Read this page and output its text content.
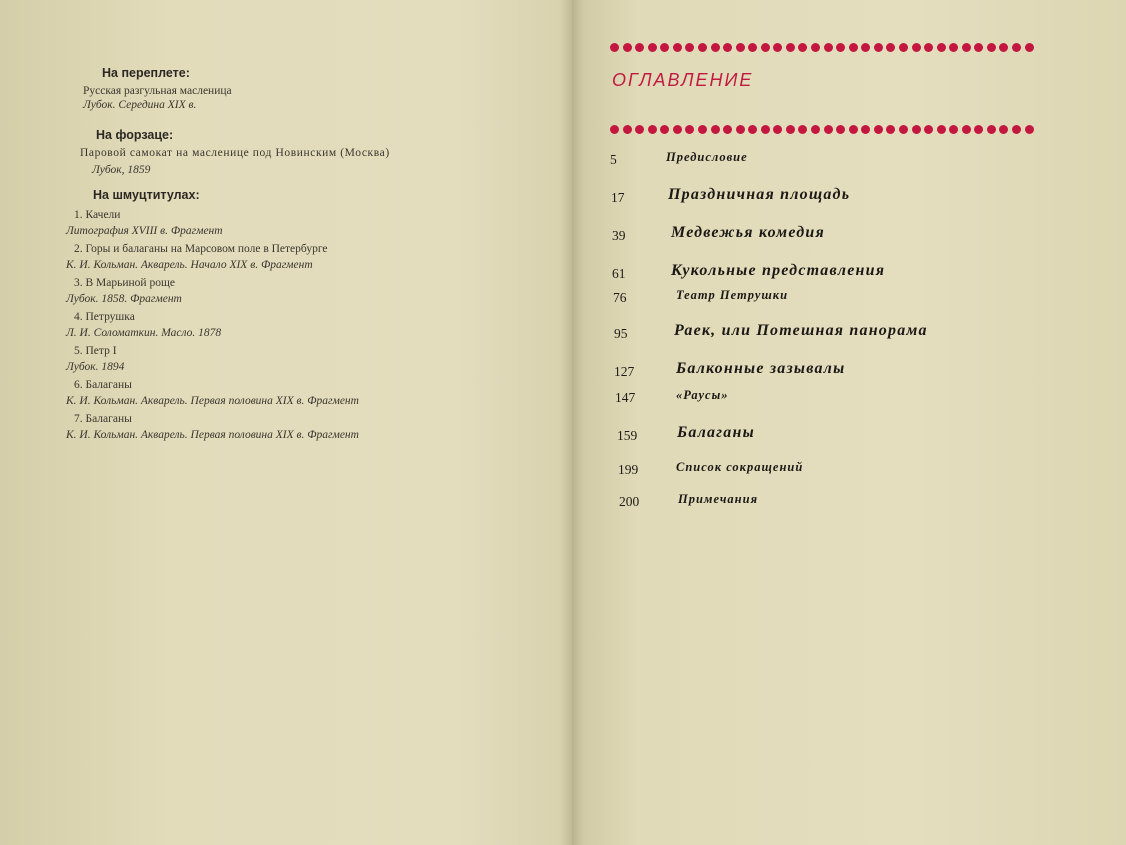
На переплете:
Русская разгульная масленица
Лубок. Середина XIX в.
На форзаце:
Паровой самокат на масленице под Новинским (Москва)
Лубок, 1859
На шмуцтитулах:
1. Качели
Литография XVIII в. Фрагмент
2. Горы и балаганы на Марсовом поле в Петербурге
К. И. Кольман. Акварель. Начало XIX в. Фрагмент
3. В Марьиной роще
Лубок. 1858. Фрагмент
4. Петрушка
Л. И. Соломаткин. Масло. 1878
5. Петр I
Лубок. 1894
6. Балаганы
К. И. Кольман. Акварель. Первая половина XIX в. Фрагмент
7. Балаганы
К. И. Кольман. Акварель. Первая половина XIX в. Фрагмент
ОГЛАВЛЕНИЕ
5	Предисловие
17	Праздничная площадь
39	Медвежья комедия
61	Кукольные представления
76	Театр Петрушки
95	Раек, или Потешная панорама
127	Балконные зазывалы
147	«Раусы»
159 Балаганы
199	Список сокращений
200	Примечания
